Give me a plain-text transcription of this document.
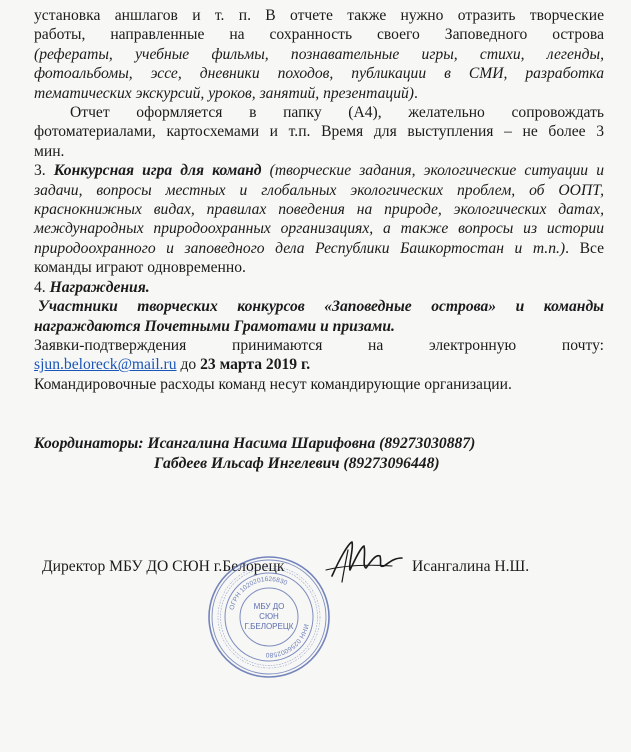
установка аншлагов и т. п. В отчете также нужно отразить творческие

работы, направленные на сохранность своего Заповедного острова

(рефераты, учебные фильмы, познавательные игры, стихи, легенды,

фотоальбомы, эссе, дневники походов, публикации в СМИ, разработка

тематических экскурсий, уроков, занятий, презентаций).

Отчет оформляется в папку (А4), желательно сопровождать

фотоматериалами, картосхемами и т.п. Время для выступления – не более 3

мин.

3. Конкурсная игра для команд (творческие задания, экологические ситуации и

задачи, вопросы местных и глобальных экологических проблем, об ООПТ,

краснокнижных видах, правилах поведения на природе, экологических датах,

международных природоохранных организациях, а также вопросы из истории

природоохранного и заповедного дела Республики Башкортостан и т.п.). Все

команды играют одновременно.

4. Награждения.

Участники творческих конкурсов «Заповедные острова» и команды

награждаются Почетными Грамотами и призами.

Заявки-подтверждения принимаются на электронную почту:

sjun.beloreck@mail.ru до 23 марта 2019 г.

Командировочные расходы команд несут командирующие организации.

Координаторы: Исангалина Насима Шарифовна (89273030887)

Габдеев Ильсаф Ингелевич (89273096448)

Директор МБУ ДО СЮН г.Белорецк	Исангалина Н.Ш.
ОГРН 1020201626830
ИНН 0256002580
МБУ ДО
СЮН
Г.БЕЛОРЕЦК
